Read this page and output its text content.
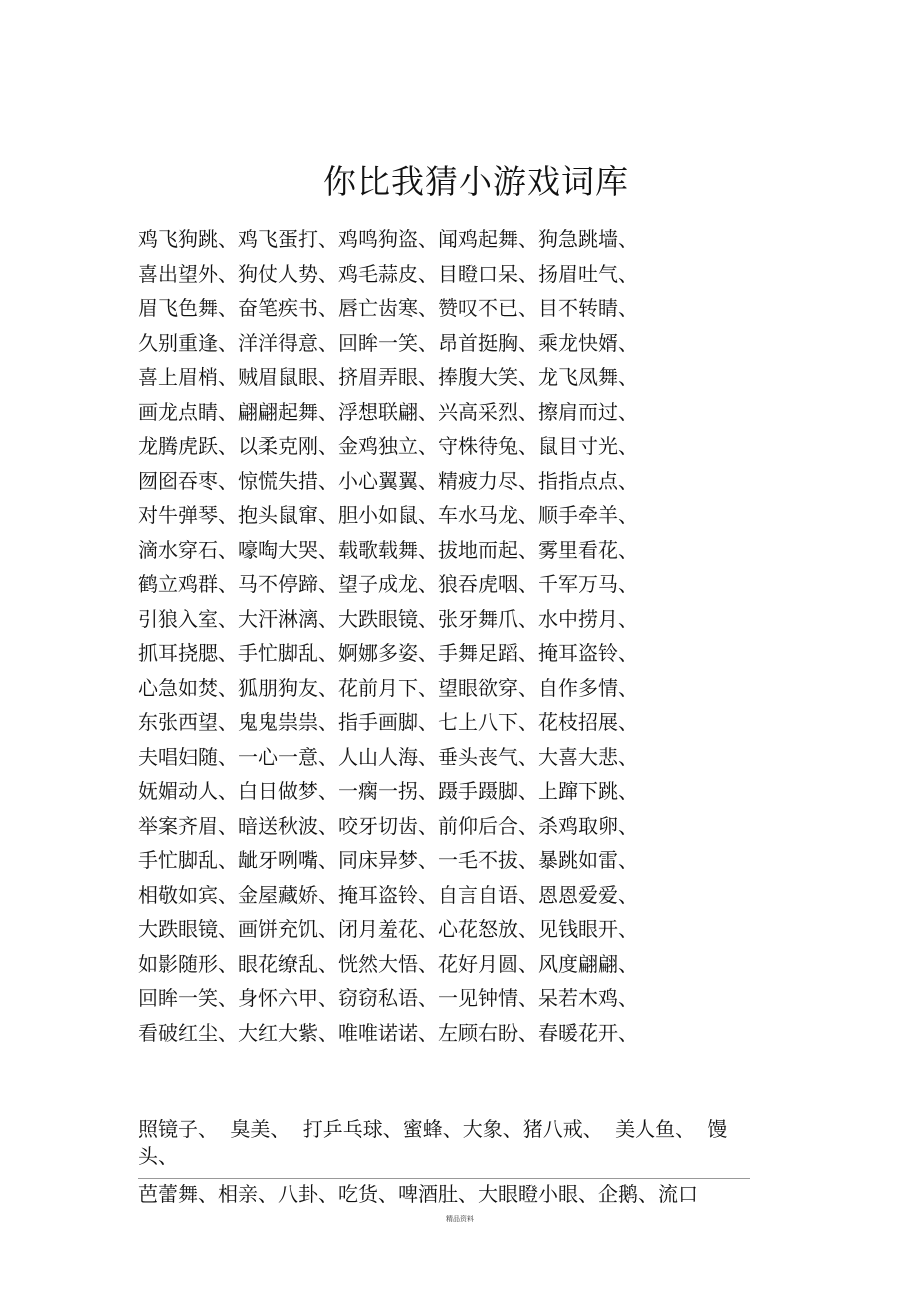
你比我猜小游戏词库
鸡飞狗跳、鸡飞蛋打、鸡鸣狗盗、闻鸡起舞、狗急跳墙、
喜出望外、狗仗人势、鸡毛蒜皮、目瞪口呆、扬眉吐气、
眉飞色舞、奋笔疾书、唇亡齿寒、赞叹不已、目不转睛、
久别重逢、洋洋得意、回眸一笑、昂首挺胸、乘龙快婿、
喜上眉梢、贼眉鼠眼、挤眉弄眼、捧腹大笑、龙飞凤舞、
画龙点睛、翩翩起舞、浮想联翩、兴高采烈、擦肩而过、
龙腾虎跃、以柔克刚、金鸡独立、守株待兔、鼠目寸光、
囫囵吞枣、惊慌失措、小心翼翼、精疲力尽、指指点点、
对牛弹琴、抱头鼠窜、胆小如鼠、车水马龙、顺手牵羊、
滴水穿石、嚎啕大哭、载歌载舞、拔地而起、雾里看花、
鹤立鸡群、马不停蹄、望子成龙、狼吞虎咽、千军万马、
引狼入室、大汗淋漓、大跌眼镜、张牙舞爪、水中捞月、
抓耳挠腮、手忙脚乱、婀娜多姿、手舞足蹈、掩耳盗铃、
心急如焚、狐朋狗友、花前月下、望眼欲穿、自作多情、
东张西望、鬼鬼祟祟、指手画脚、七上八下、花枝招展、
夫唱妇随、一心一意、人山人海、垂头丧气、大喜大悲、
妩媚动人、白日做梦、一瘸一拐、蹑手蹑脚、上蹿下跳、
举案齐眉、暗送秋波、咬牙切齿、前仰后合、杀鸡取卵、
手忙脚乱、龇牙咧嘴、同床异梦、一毛不拔、暴跳如雷、
相敬如宾、金屋藏娇、掩耳盗铃、自言自语、恩恩爱爱、
大跌眼镜、画饼充饥、闭月羞花、心花怒放、见钱眼开、
如影随形、眼花缭乱、恍然大悟、花好月圆、风度翩翩、
回眸一笑、身怀六甲、窃窃私语、一见钟情、呆若木鸡、
看破红尘、大红大紫、唯唯诺诺、左顾右盼、春暖花开、
照镜子、 臭美、 打乒乓球、蜜蜂、大象、猪八戒、 美人鱼、 馒头、
芭蕾舞、相亲、八卦、吃货、啤酒肚、大眼瞪小眼、企鹅、流口
精品资料
